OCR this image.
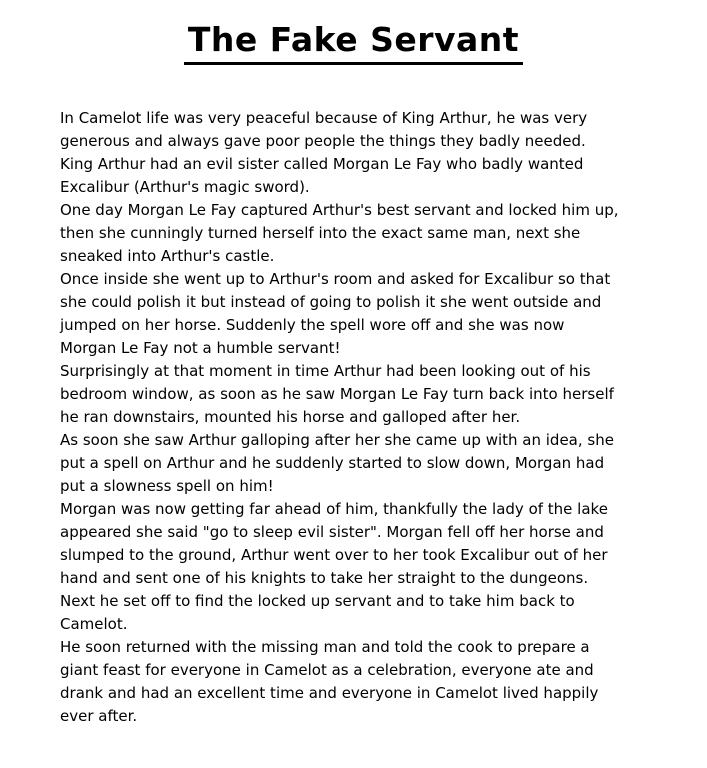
The Fake Servant
In Camelot life was very peaceful because of King Arthur, he was very
generous and always gave poor people the things they badly needed.
King Arthur had an evil sister called Morgan Le Fay who badly wanted
Excalibur (Arthur's magic sword).
One day Morgan Le Fay captured Arthur's best servant and locked him up,
then she cunningly turned herself into the exact same man, next she
sneaked into Arthur's castle.
Once inside she went up to Arthur's room and asked for Excalibur so that
she could polish it but instead of going to polish it she went outside and
jumped on her horse. Suddenly the spell wore off and she was now
Morgan Le Fay not a humble servant!
Surprisingly at that moment in time Arthur had been looking out of his
bedroom window, as soon as he saw Morgan Le Fay turn back into herself
he ran downstairs, mounted his horse and galloped after her.
As soon she saw Arthur galloping after her she came up with an idea, she
put a spell on Arthur and he suddenly started to slow down, Morgan had
put a slowness spell on him!
Morgan was now getting far ahead of him, thankfully the lady of the lake
appeared she said "go to sleep evil sister". Morgan fell off her horse and
slumped to the ground, Arthur went over to her took Excalibur out of her
hand and sent one of his knights to take her straight to the dungeons.
Next he set off to find the locked up servant and to take him back to
Camelot.
He soon returned with the missing man and told the cook to prepare a
giant feast for everyone in Camelot as a celebration, everyone ate and
drank and had an excellent time and everyone in Camelot lived happily
ever after.
